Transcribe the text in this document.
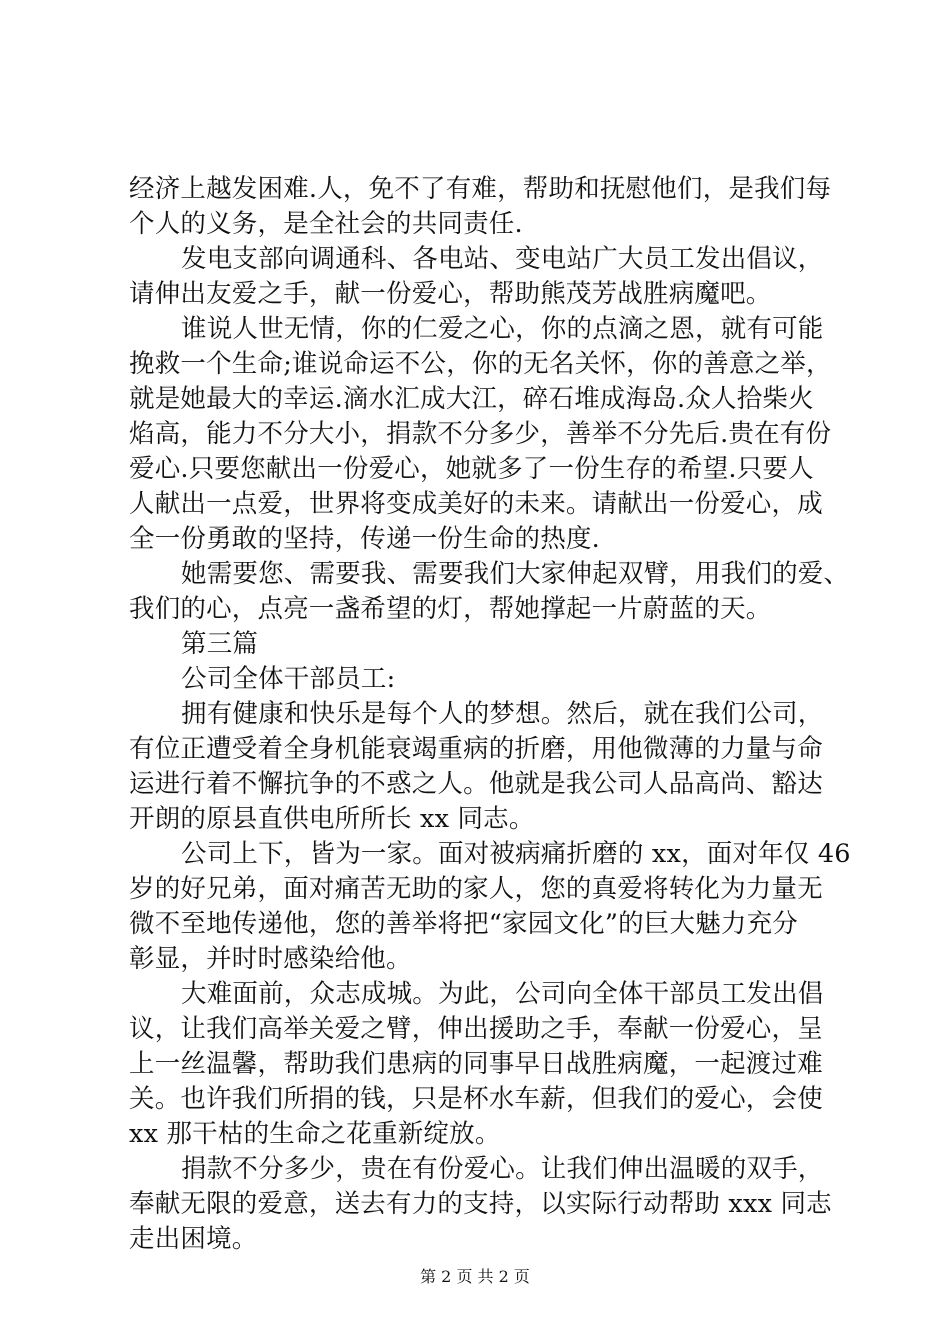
经济上越发困难.人，免不了有难，帮助和抚慰他们，是我们每
个人的义务，是全社会的共同责任.
发电支部向调通科、各电站、变电站广大员工发出倡议，
请伸出友爱之手，献一份爱心，帮助熊茂芳战胜病魔吧。
谁说人世无情，你的仁爱之心，你的点滴之恩，就有可能
挽救一个生命;谁说命运不公，你的无名关怀，你的善意之举，
就是她最大的幸运.滴水汇成大江，碎石堆成海岛.众人拾柴火
焰高，能力不分大小，捐款不分多少，善举不分先后.贵在有份
爱心.只要您献出一份爱心，她就多了一份生存的希望.只要人
人献出一点爱，世界将变成美好的未来。请献出一份爱心，成
全一份勇敢的坚持，传递一份生命的热度.
她需要您、需要我、需要我们大家伸起双臂，用我们的爱、
我们的心，点亮一盏希望的灯，帮她撑起一片蔚蓝的天。
第三篇
公司全体干部员工:
拥有健康和快乐是每个人的梦想。然后，就在我们公司，
有位正遭受着全身机能衰竭重病的折磨，用他微薄的力量与命
运进行着不懈抗争的不惑之人。他就是我公司人品高尚、豁达
开朗的原县直供电所所长 xx 同志。
公司上下，皆为一家。面对被病痛折磨的 xx，面对年仅 46
岁的好兄弟，面对痛苦无助的家人，您的真爱将转化为力量无
微不至地传递他，您的善举将把“家园文化”的巨大魅力充分
彰显，并时时感染给他。
大难面前，众志成城。为此，公司向全体干部员工发出倡
议，让我们高举关爱之臂，伸出援助之手，奉献一份爱心，呈
上一丝温馨，帮助我们患病的同事早日战胜病魔，一起渡过难
关。也许我们所捐的钱，只是杯水车薪，但我们的爱心，会使
xx 那干枯的生命之花重新绽放。
捐款不分多少，贵在有份爱心。让我们伸出温暖的双手，
奉献无限的爱意，送去有力的支持，以实际行动帮助 xxx 同志
走出困境。
第 2 页 共 2 页
